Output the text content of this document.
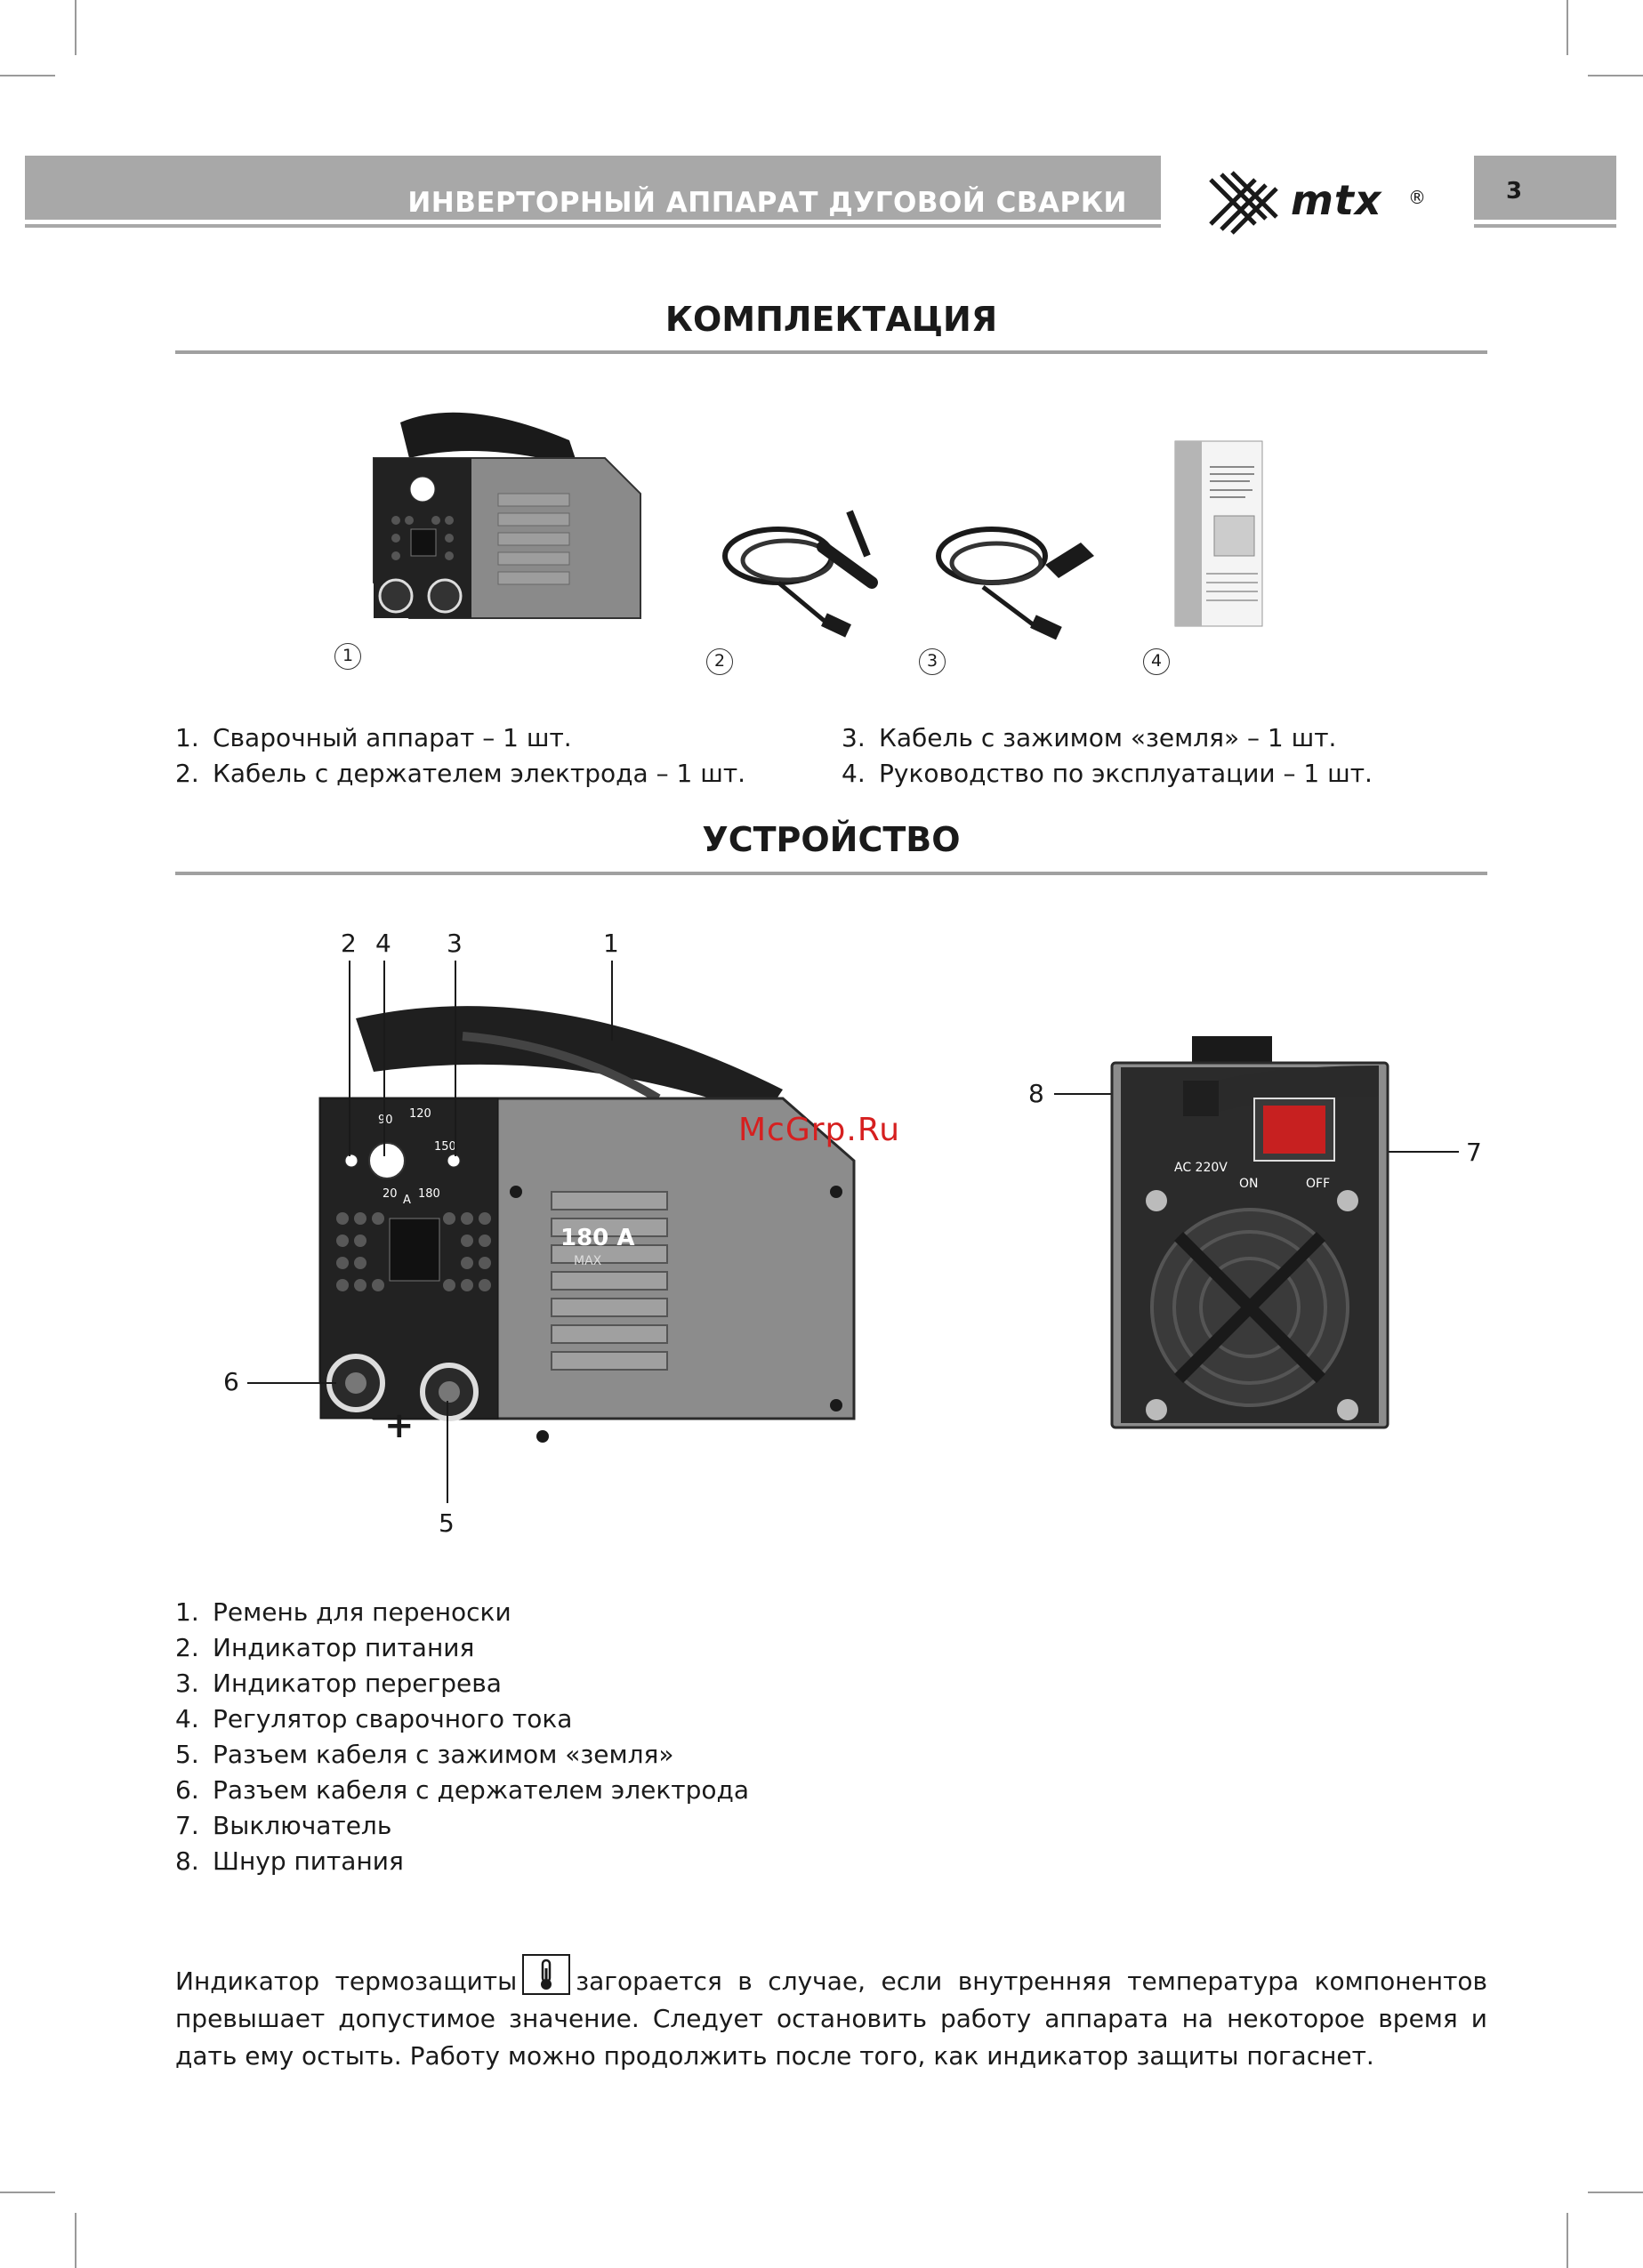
ИНВЕРТОРНЫЙ АППАРАТ ДУГОВОЙ СВАРКИ	mtx ®	3
КОМПЛЕКТАЦИЯ
1	2	3	4
1. Сварочный аппарат – 1 шт.
2. Кабель с держателем электрода – 1 шт.
3. Кабель с зажимом «земля» – 1 шт.
4. Руководство по эксплуатации – 1 шт.
УСТРОЙСТВО
180 A
MAX
90 120
150
180
20 A
+
2 4 3	1
6
5
AC 220V
ON	OFF
8
7
McGrp.Ru
1. Ремень для переноски
2. Индикатор питания
3. Индикатор перегрева
4. Регулятор сварочного тока
5. Разъем кабеля с зажимом «земля»
6. Разъем кабеля с держателем электрода
7. Выключатель
8. Шнур питания
Индикатор термозащиты загорается в случае, если внутренняя температура компонентов превышает допустимое значение. Следует остановить работу аппарата на некоторое время и дать ему остыть. Работу можно продолжить после того, как индикатор защиты погаснет.
